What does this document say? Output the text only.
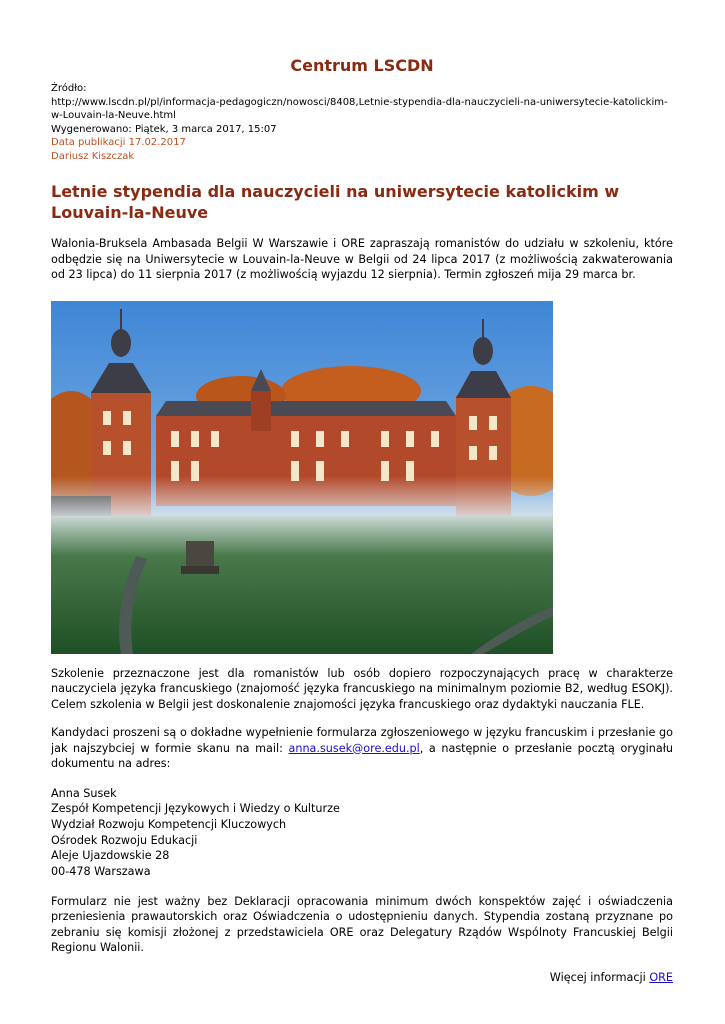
Centrum LSCDN
Źródło:
http://www.lscdn.pl/pl/informacja-pedagogiczn/nowosci/8408,Letnie-stypendia-dla-nauczycieli-na-uniwersytecie-katolickim-w-Louvain-la-Neuve.html
Wygenerowano: Piątek, 3 marca 2017, 15:07
Data publikacji 17.02.2017
Dariusz Kiszczak
Letnie stypendia dla nauczycieli na uniwersytecie katolickim w Louvain-la-Neuve

Walonia-Bruksela Ambasada Belgii W Warszawie i ORE zapraszają romanistów do udziału w szkoleniu, które odbędzie się na Uniwersytecie w Louvain-la-Neuve w Belgii od 24 lipca 2017 (z możliwością zakwaterowania od 23 lipca) do 11 sierpnia 2017 (z możliwością wyjazdu 12 sierpnia). Termin zgłoszeń mija 29 marca br.

Szkolenie przeznaczone jest dla romanistów lub osób dopiero rozpoczynających pracę w charakterze nauczyciela języka francuskiego (znajomość języka francuskiego na minimalnym poziomie B2, według ESOKJ). Celem szkolenia w Belgii jest doskonalenie znajomości języka francuskiego oraz dydaktyki nauczania FLE.

Kandydaci proszeni są o dokładne wypełnienie formularza zgłoszeniowego w języku francuskim i przesłanie go jak najszybciej w formie skanu na mail: anna.susek@ore.edu.pl, a następnie o przesłanie pocztą oryginału dokumentu na adres:

Anna Susek
Zespół Kompetencji Językowych i Wiedzy o Kulturze
Wydział Rozwoju Kompetencji Kluczowych
Ośrodek Rozwoju Edukacji
Aleje Ujazdowskie 28
00-478 Warszawa

Formularz nie jest ważny bez Deklaracji opracowania minimum dwóch konspektów zajęć i oświadczenia przeniesienia prawautorskich oraz Oświadczenia o udostępnieniu danych. Stypendia zostaną przyznane po zebraniu się komisji złożonej z przedstawiciela ORE oraz Delegatury Rządów Wspólnoty Francuskiej Belgii Regionu Walonii.

Więcej informacji ORE
